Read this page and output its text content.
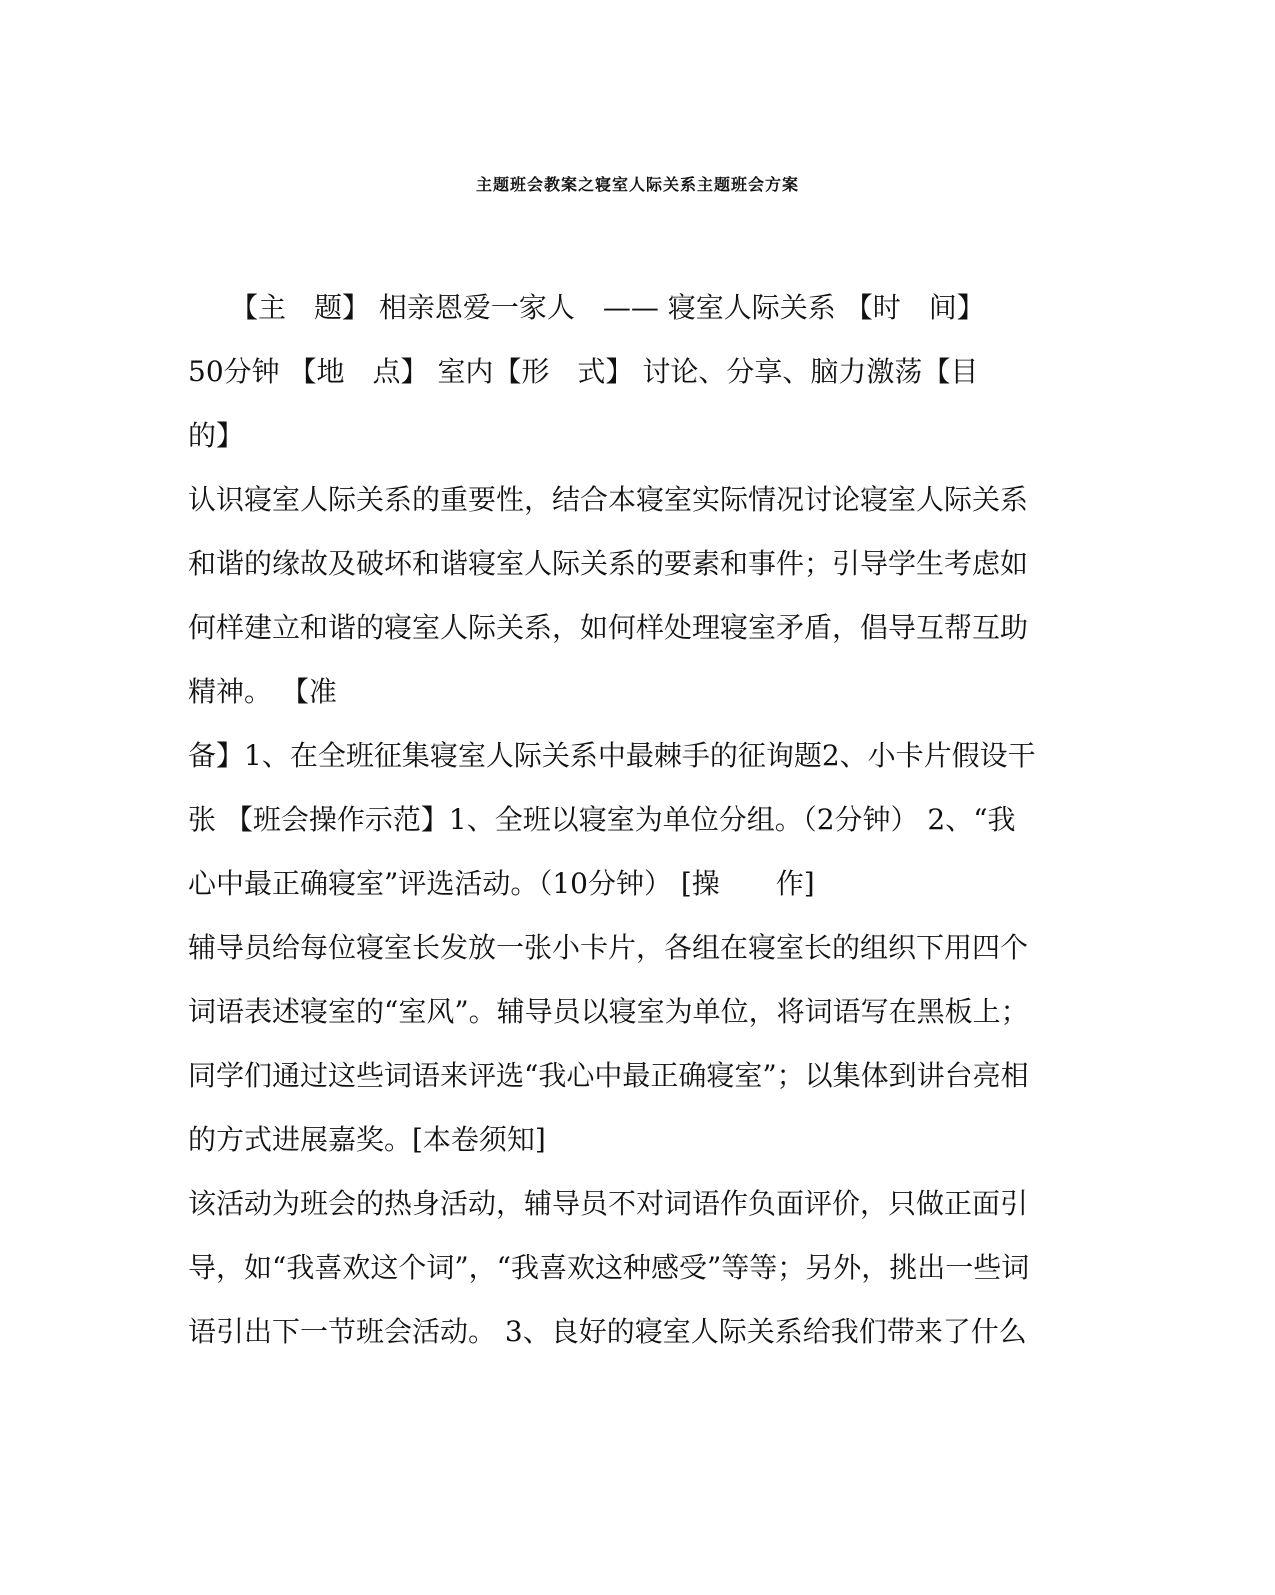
主题班会教案之寝室人际关系主题班会方案
　　【主　题】 相亲恩爱一家人　—— 寝室人际关系 【时　间】
50分钟 【地　点】 室内【形　式】 讨论、分享、脑力激荡【目
的】
认识寝室人际关系的重要性，结合本寝室实际情况讨论寝室人际关系
和谐的缘故及破坏和谐寝室人际关系的要素和事件；引导学生考虑如
何样建立和谐的寝室人际关系，如何样处理寝室矛盾，倡导互帮互助
精神。 【准
备】1、在全班征集寝室人际关系中最棘手的征询题2、小卡片假设干
张 【班会操作示范】1、全班以寝室为单位分组。（2分钟） 2、“我
心中最正确寝室”评选活动。（10分钟） [操　　作]
辅导员给每位寝室长发放一张小卡片，各组在寝室长的组织下用四个
词语表述寝室的“室风”。辅导员以寝室为单位，将词语写在黑板上；
同学们通过这些词语来评选“我心中最正确寝室”；以集体到讲台亮相
的方式进展嘉奖。[本卷须知]
该活动为班会的热身活动，辅导员不对词语作负面评价，只做正面引
导，如“我喜欢这个词”，“我喜欢这种感受”等等；另外，挑出一些词
语引出下一节班会活动。 3、良好的寝室人际关系给我们带来了什么
